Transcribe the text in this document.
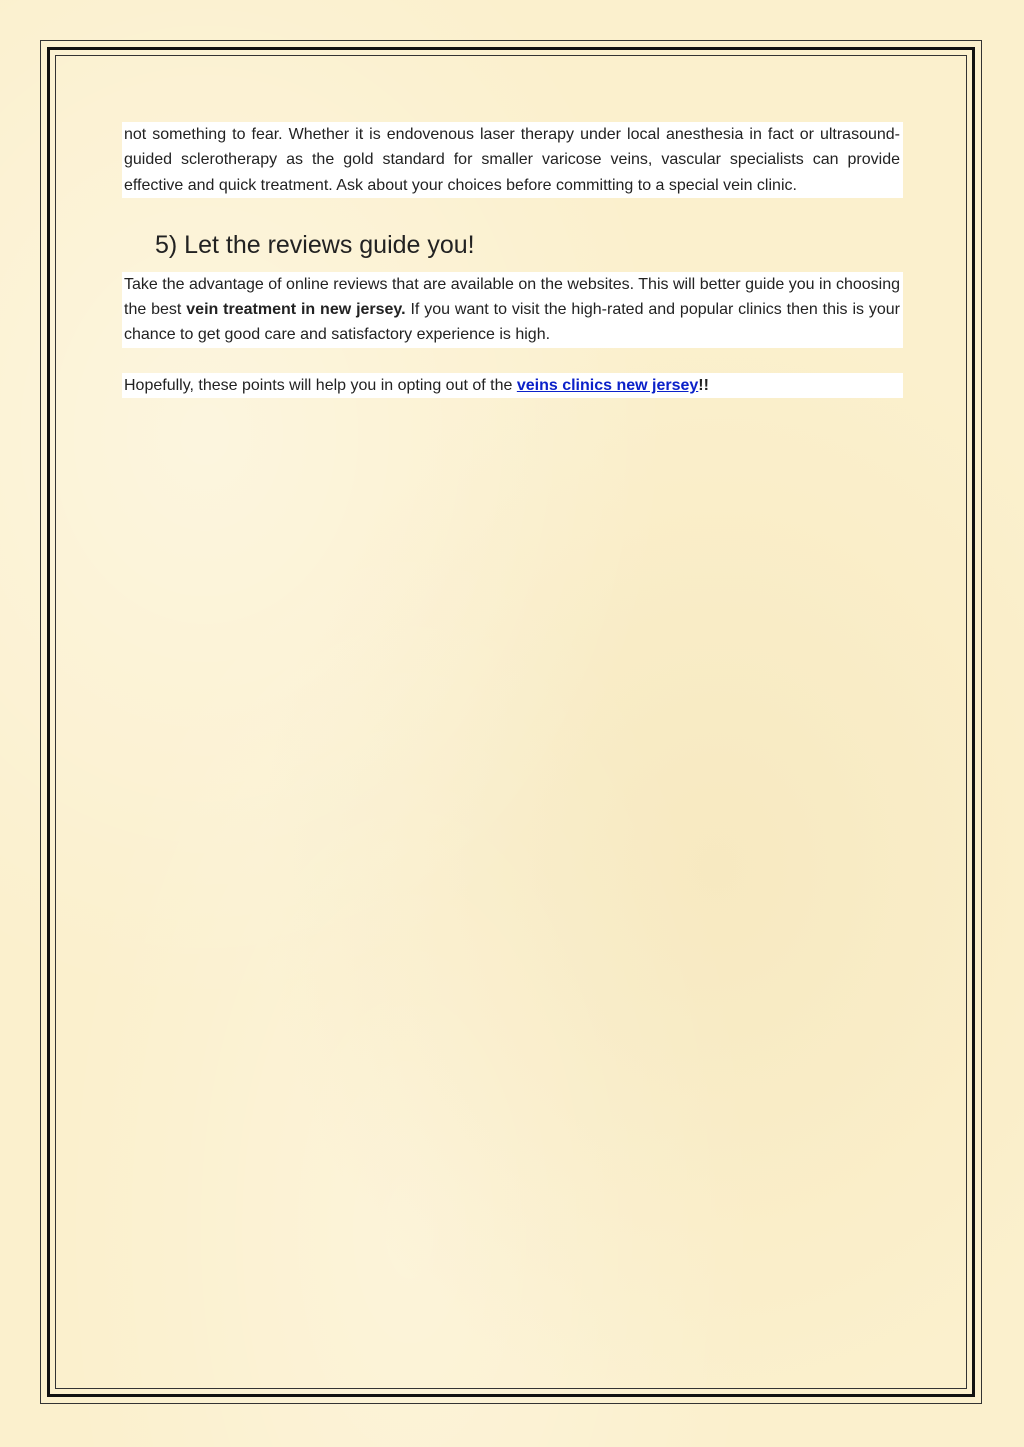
not something to fear. Whether it is endovenous laser therapy under local anesthesia in fact or ultrasound-guided sclerotherapy as the gold standard for smaller varicose veins, vascular specialists can provide effective and quick treatment. Ask about your choices before committing to a special vein clinic.

5) Let the reviews guide you!

Take the advantage of online reviews that are available on the websites. This will better guide you in choosing the best vein treatment in new jersey. If you want to visit the high-rated and popular clinics then this is your chance to get good care and satisfactory experience is high.

Hopefully, these points will help you in opting out of the veins clinics new jersey!!
